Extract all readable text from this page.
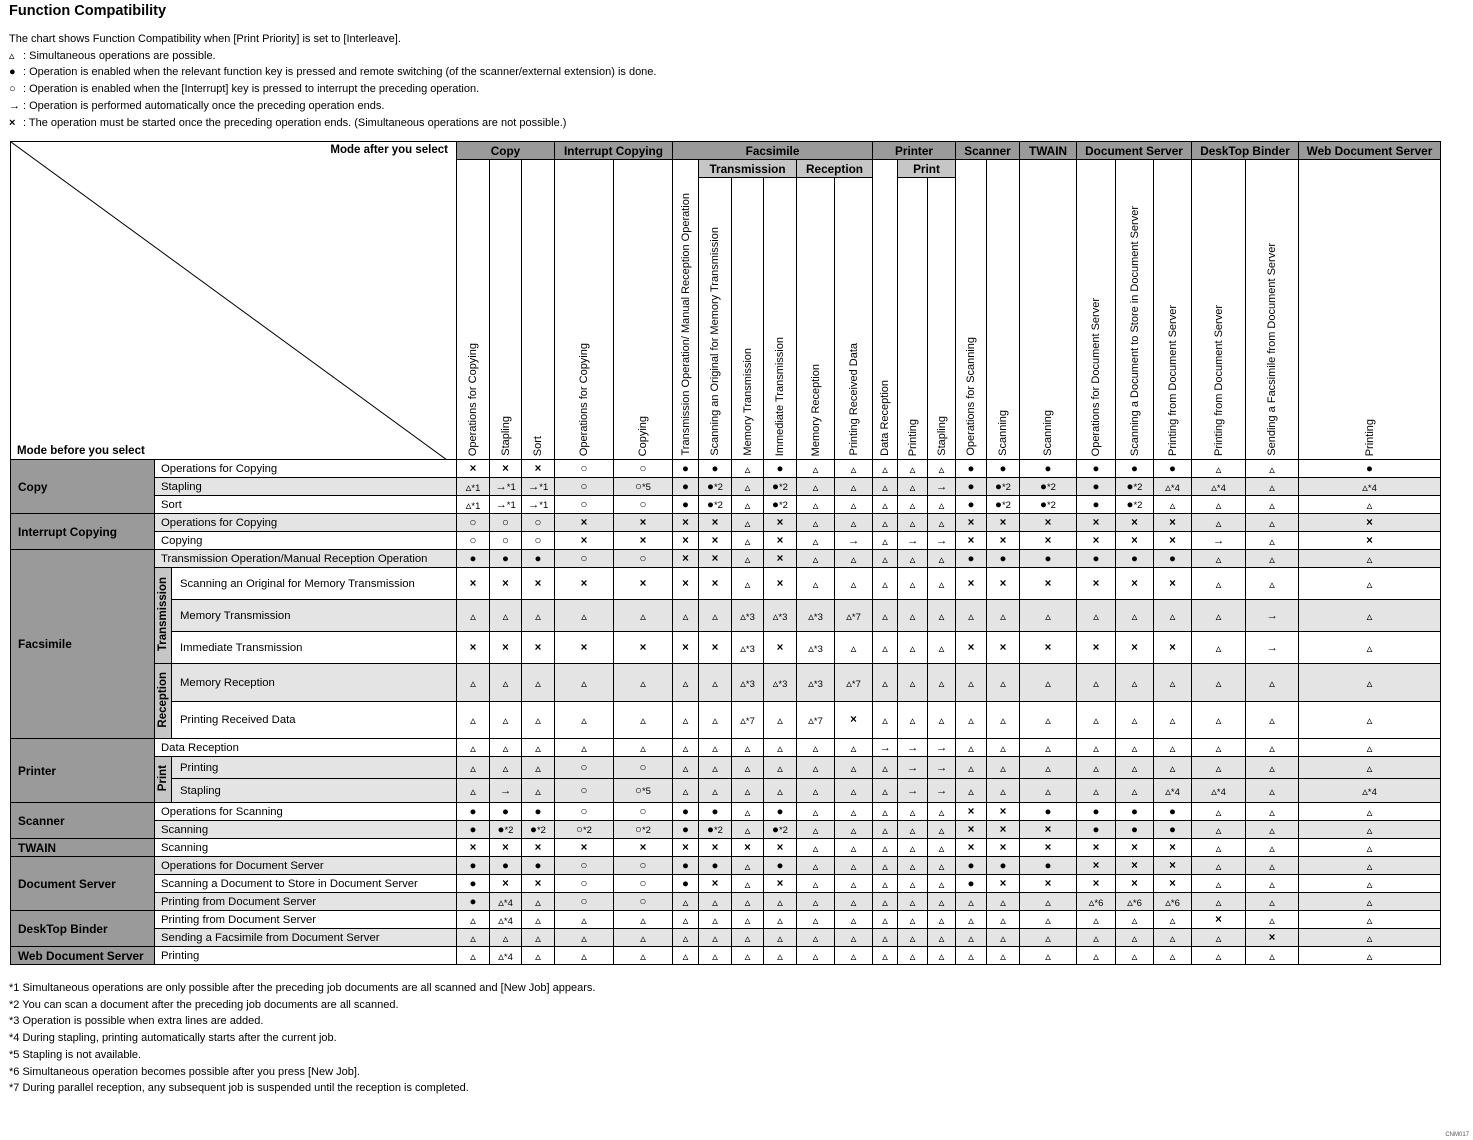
Function Compatibility
The chart shows Function Compatibility when [Print Priority] is set to [Interleave].
▵ : Simultaneous operations are possible.
● : Operation is enabled when the relevant function key is pressed and remote switching (of the scanner/external extension) is done.
○ : Operation is enabled when the [Interrupt] key is pressed to interrupt the preceding operation.
→ : Operation is performed automatically once the preceding operation ends.
× : The operation must be started once the preceding operation ends. (Simultaneous operations are not possible.)
Mode after you select
Mode before you select			Copy			Interrupt Copying		Facsimile						Printer			Scanner		TWAIN	Document Server			DeskTop Binder		Web Document Server
			Operations for Copying	Stapling	Sort	Operations for Copying	Copying	Transmission Operation/ Manual Reception Operation	Transmission			Reception		Data Reception	Print		Operations for Scanning	Scanning	Scanning	Operations for Document Server	Scanning a Document to Store in Document Server	Printing from Document Server	Printing from Document Server	Sending a Facsimile from Document Server	Printing
									Scanning an Original for Memory Transmission	Memory Transmission	Immediate Transmission	Memory Reception	Printing Received Data		Printing	Stapling									
Copy	Operations for Copying		×	×	×	○	○	●	●	▵	●	▵	▵	▵	▵	▵	●	●	●	●	●	●	▵	▵	●
	Stapling		▵*1	→*1	→*1	○	○*5	●	●*2	▵	●*2	▵	▵	▵	▵	→	●	●*2	●*2	●	●*2	▵*4	▵*4	▵	▵*4
	Sort		▵*1	→*1	→*1	○	○	●	●*2	▵	●*2	▵	▵	▵	▵	▵	●	●*2	●*2	●	●*2	▵	▵	▵	▵
Interrupt Copying	Operations for Copying		○	○	○	×	×	×	×	▵	×	▵	▵	▵	▵	▵	×	×	×	×	×	×	▵	▵	×
	Copying		○	○	○	×	×	×	×	▵	×	▵	→	▵	→	→	×	×	×	×	×	×	→	▵	×
Facsimile	Transmission Operation/Manual Reception Operation		●	●	●	○	○	×	×	▵	×	▵	▵	▵	▵	▵	●	●	●	●	●	●	▵	▵	▵
	Transmission	Scanning an Original for Memory Transmission	×	×	×	×	×	×	×	▵	×	▵	▵	▵	▵	▵	×	×	×	×	×	×	▵	▵	▵
		Memory Transmission	▵	▵	▵	▵	▵	▵	▵	▵*3	▵*3	▵*3	▵*7	▵	▵	▵	▵	▵	▵	▵	▵	▵	▵	→	▵
		Immediate Transmission	×	×	×	×	×	×	×	▵*3	×	▵*3	▵	▵	▵	▵	×	×	×	×	×	×	▵	→	▵
	Reception	Memory Reception	▵	▵	▵	▵	▵	▵	▵	▵*3	▵*3	▵*3	▵*7	▵	▵	▵	▵	▵	▵	▵	▵	▵	▵	▵	▵
		Printing Received Data	▵	▵	▵	▵	▵	▵	▵	▵*7	▵	▵*7	×	▵	▵	▵	▵	▵	▵	▵	▵	▵	▵	▵	▵
Printer	Data Reception		▵	▵	▵	▵	▵	▵	▵	▵	▵	▵	▵	→	→	→	▵	▵	▵	▵	▵	▵	▵	▵	▵
	Print	Printing	▵	▵	▵	○	○	▵	▵	▵	▵	▵	▵	▵	→	→	▵	▵	▵	▵	▵	▵	▵	▵	▵
		Stapling	▵	→	▵	○	○*5	▵	▵	▵	▵	▵	▵	▵	→	→	▵	▵	▵	▵	▵	▵*4	▵*4	▵	▵*4
Scanner	Operations for Scanning		●	●	●	○	○	●	●	▵	●	▵	▵	▵	▵	▵	×	×	●	●	●	●	▵	▵	▵
	Scanning		●	●*2	●*2	○*2	○*2	●	●*2	▵	●*2	▵	▵	▵	▵	▵	×	×	×	●	●	●	▵	▵	▵
TWAIN	Scanning		×	×	×	×	×	×	×	×	×	▵	▵	▵	▵	▵	×	×	×	×	×	×	▵	▵	▵
Document Server	Operations for Document Server		●	●	●	○	○	●	●	▵	●	▵	▵	▵	▵	▵	●	●	●	×	×	×	▵	▵	▵
	Scanning a Document to Store in Document Server		●	×	×	○	○	●	×	▵	×	▵	▵	▵	▵	▵	●	×	×	×	×	×	▵	▵	▵
	Printing from Document Server		●	▵*4	▵	○	○	▵	▵	▵	▵	▵	▵	▵	▵	▵	▵	▵	▵	▵*6	▵*6	▵*6	▵	▵	▵
DeskTop Binder	Printing from Document Server		▵	▵*4	▵	▵	▵	▵	▵	▵	▵	▵	▵	▵	▵	▵	▵	▵	▵	▵	▵	▵	×	▵	▵
	Sending a Facsimile from Document Server		▵	▵	▵	▵	▵	▵	▵	▵	▵	▵	▵	▵	▵	▵	▵	▵	▵	▵	▵	▵	▵	×	▵
Web Document Server	Printing		▵	▵*4	▵	▵	▵	▵	▵	▵	▵	▵	▵	▵	▵	▵	▵	▵	▵	▵	▵	▵	▵	▵	▵
*1 Simultaneous operations are only possible after the preceding job documents are all scanned and [New Job] appears.
*2 You can scan a document after the preceding job documents are all scanned.
*3 Operation is possible when extra lines are added.
*4 During stapling, printing automatically starts after the current job.
*5 Stapling is not available.
*6 Simultaneous operation becomes possible after you press [New Job].
*7 During parallel reception, any subsequent job is suspended until the reception is completed.
CNM017
